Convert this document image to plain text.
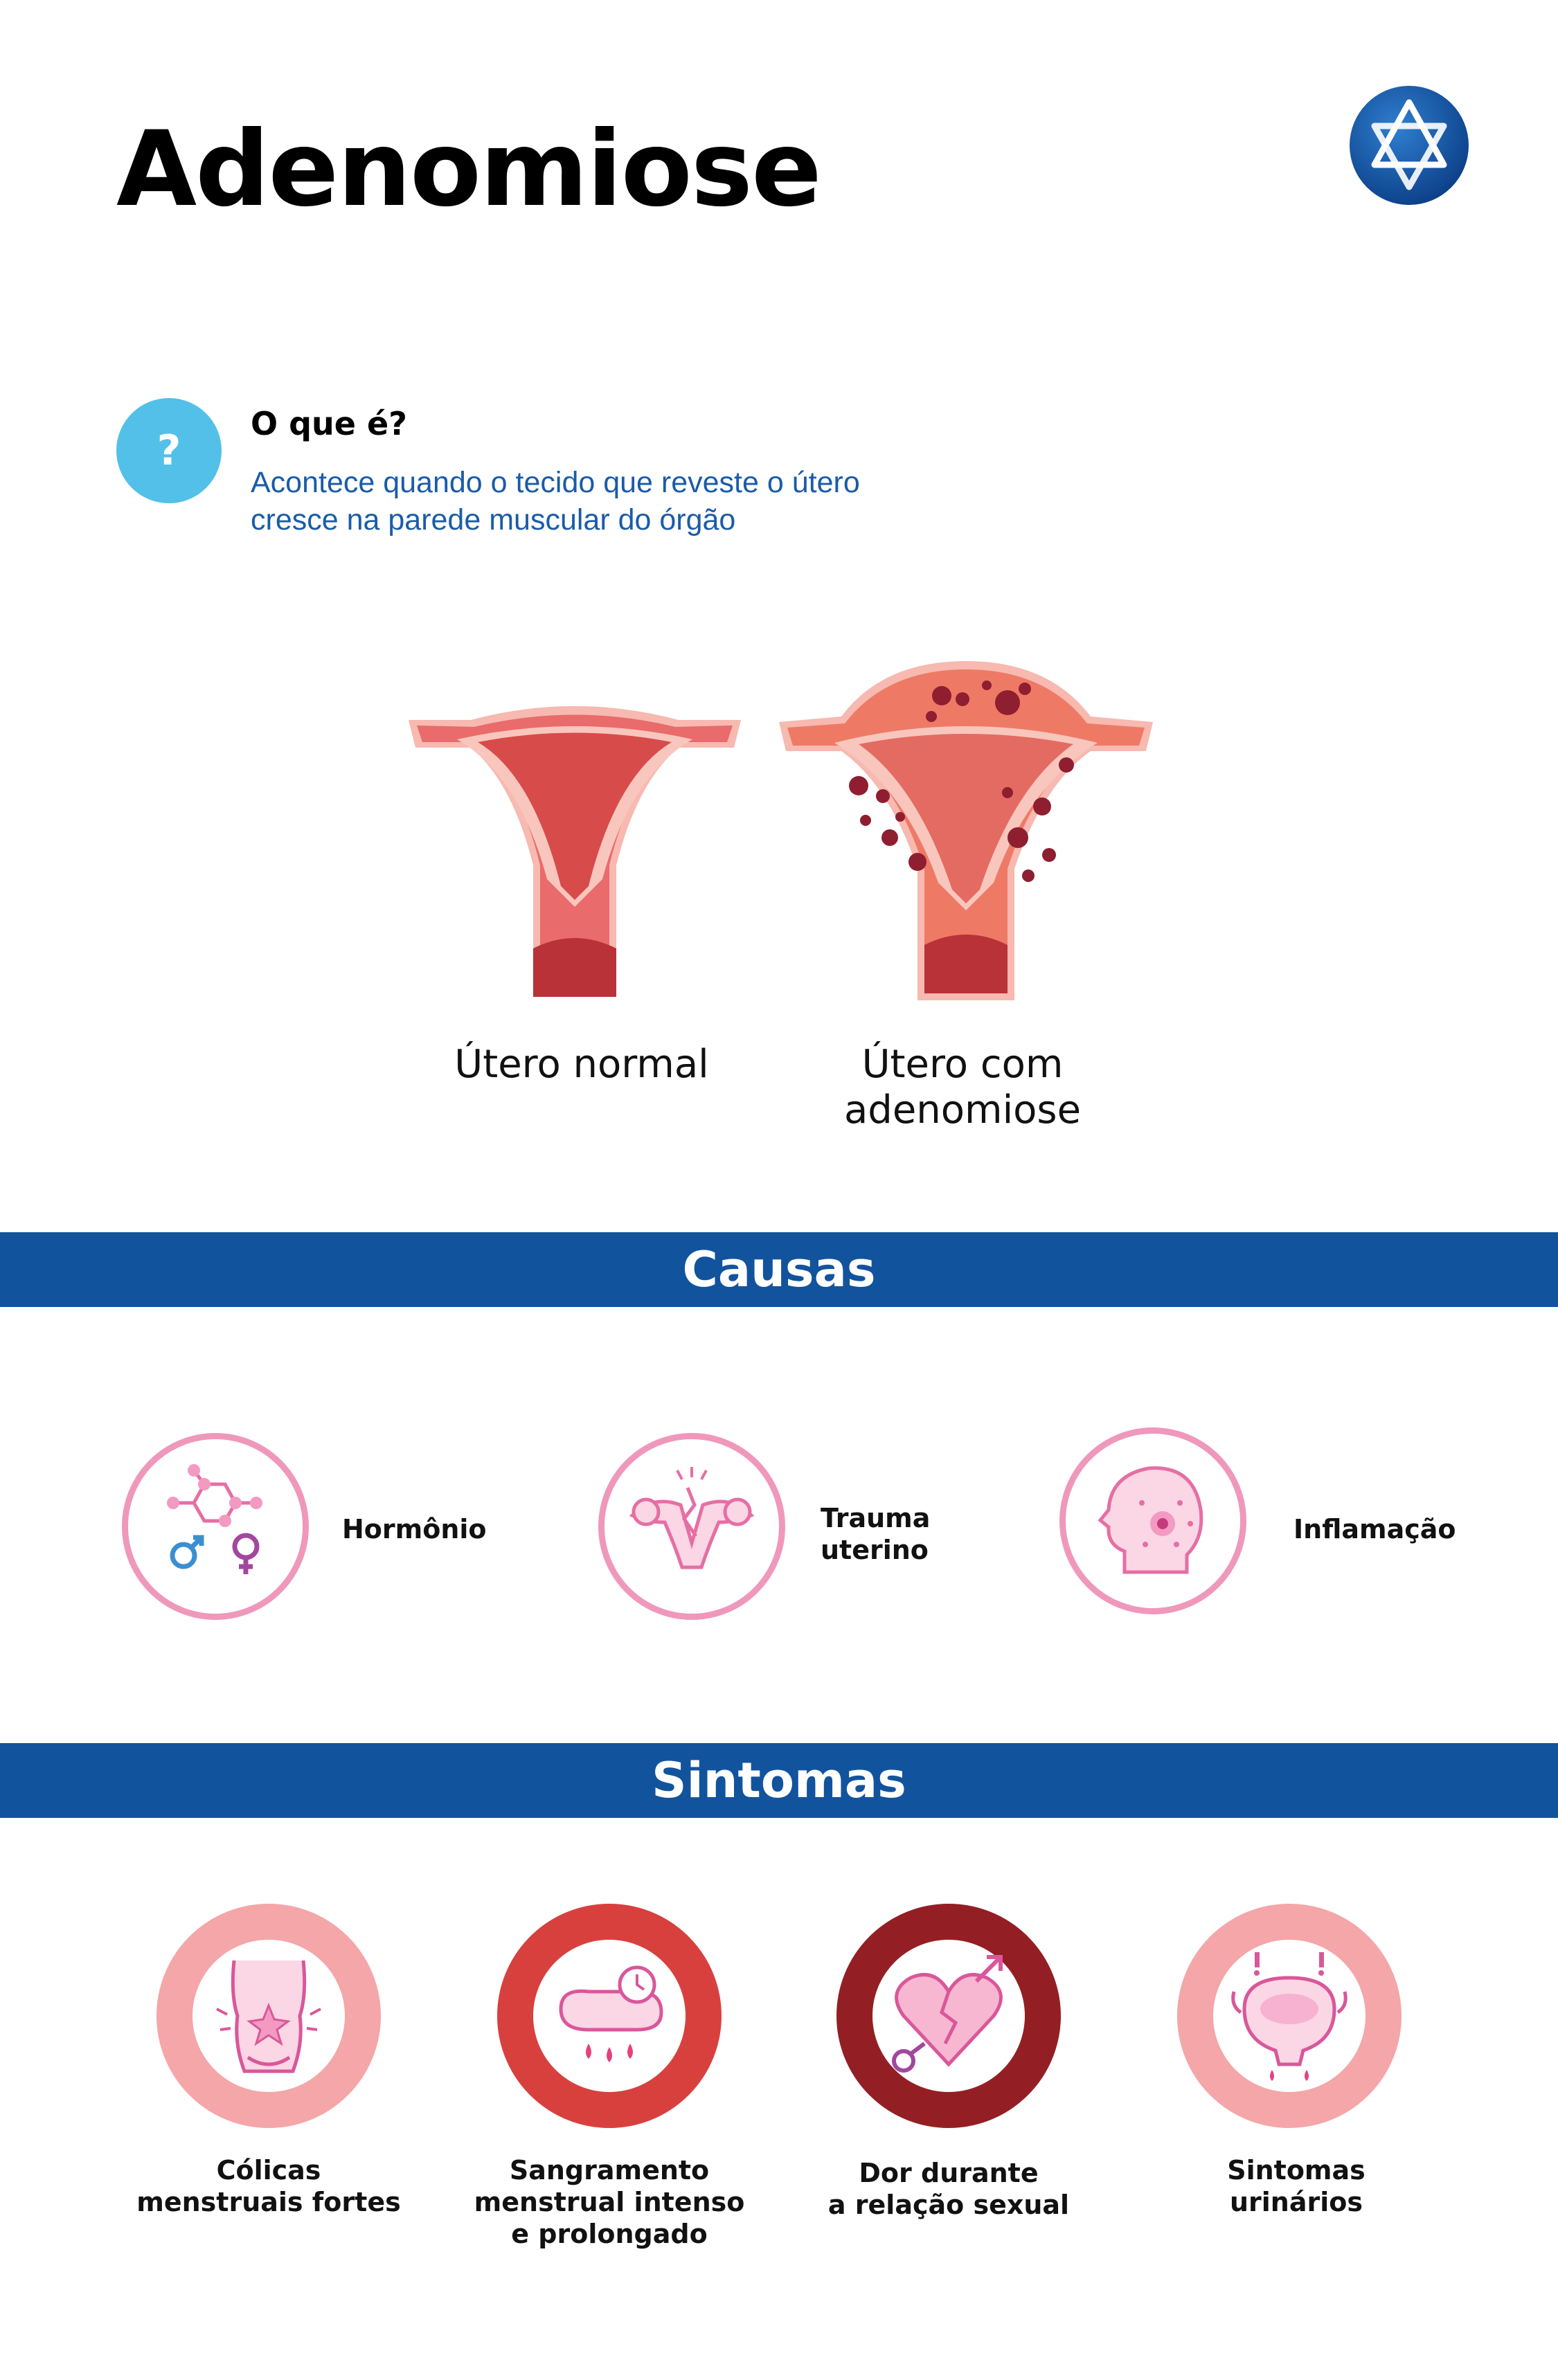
Adenomiose
?
O que é?
Acontece quando o tecido que reveste o útero
cresce na parede muscular do órgão
Útero normal	Útero com
adenomiose
Causas
Hormônio	Trauma
uterino
Inflamação
Sintomas
Cólicas
menstruais fortes
Sangramento
menstrual intenso
e prolongado
Dor durante
a relação sexual
Sintomas
urinários
